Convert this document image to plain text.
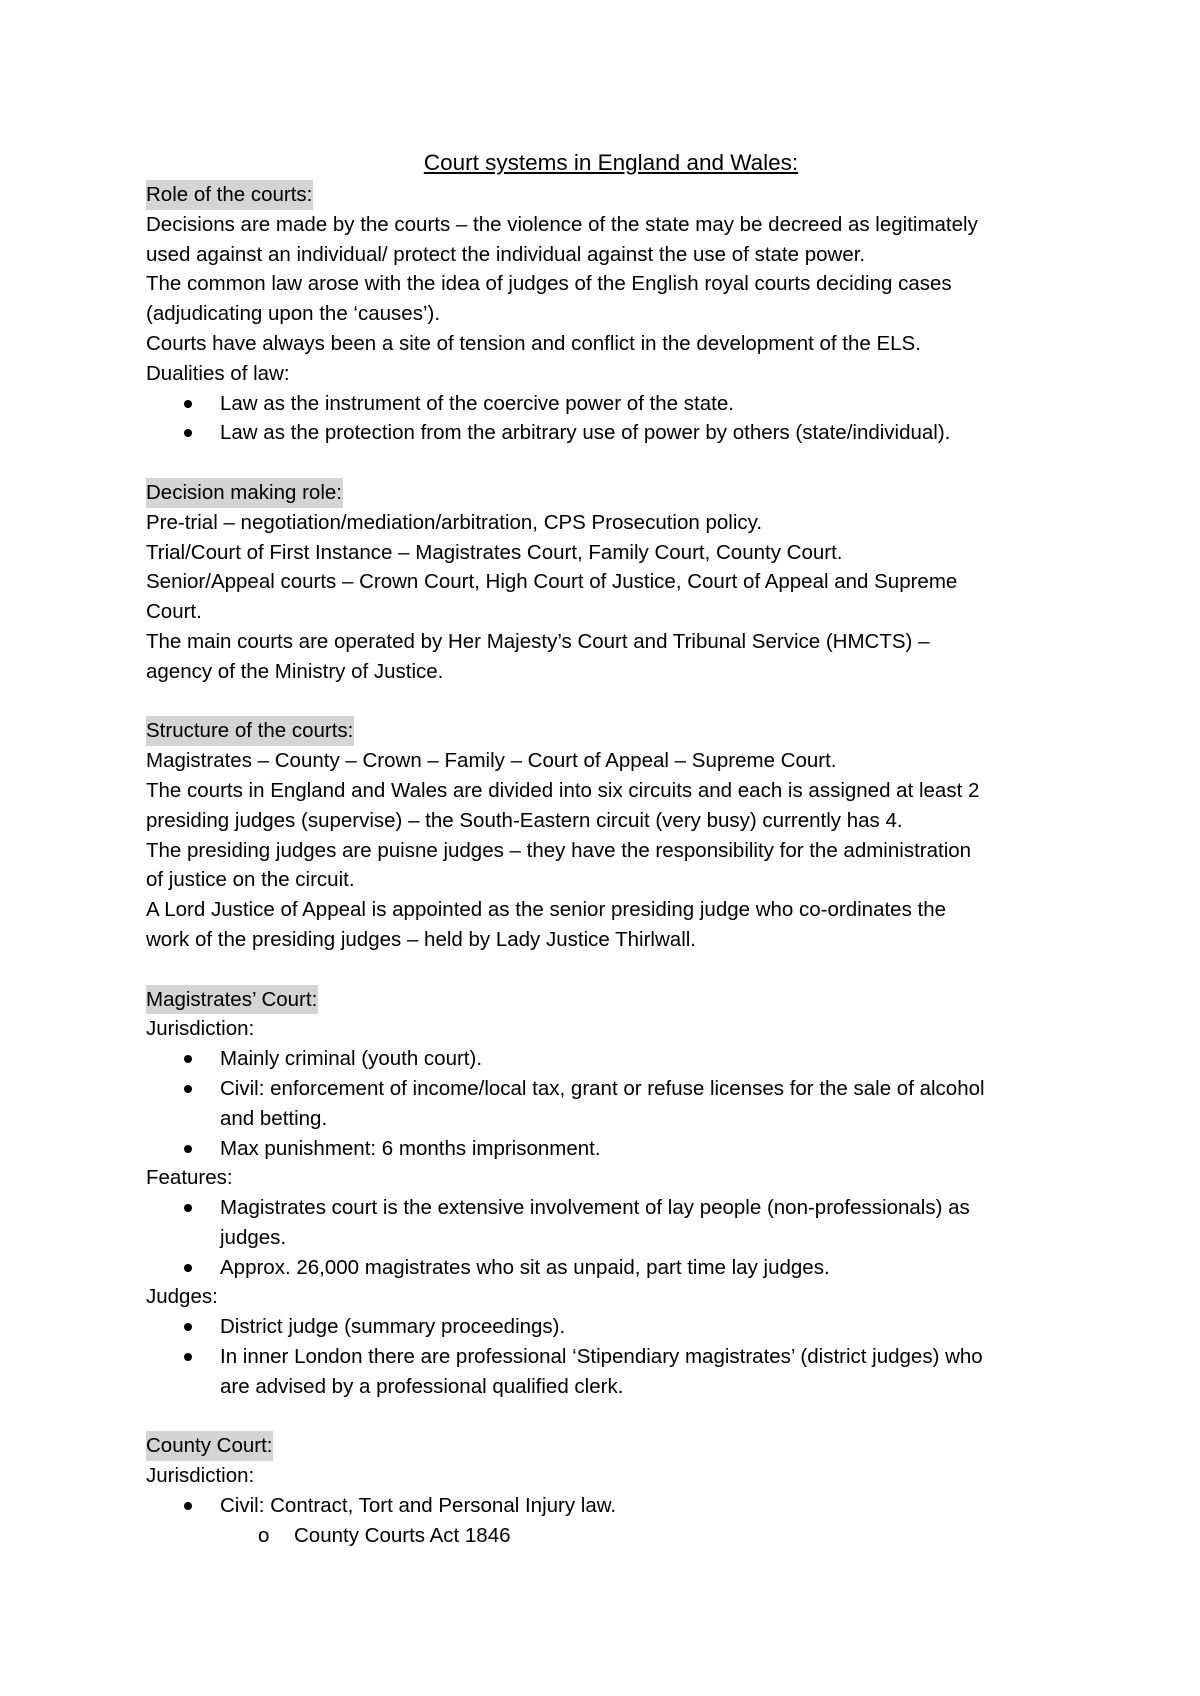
Court systems in England and Wales:
Role of the courts:
Decisions are made by the courts – the violence of the state may be decreed as legitimately
used against an individual/ protect the individual against the use of state power.
The common law arose with the idea of judges of the English royal courts deciding cases
(adjudicating upon the ‘causes’).
Courts have always been a site of tension and conflict in the development of the ELS.
Dualities of law:
Law as the instrument of the coercive power of the state.
Law as the protection from the arbitrary use of power by others (state/individual).
Decision making role:
Pre-trial – negotiation/mediation/arbitration, CPS Prosecution policy.
Trial/Court of First Instance – Magistrates Court, Family Court, County Court.
Senior/Appeal courts – Crown Court, High Court of Justice, Court of Appeal and Supreme
Court.
The main courts are operated by Her Majesty’s Court and Tribunal Service (HMCTS) –
agency of the Ministry of Justice.
Structure of the courts:
Magistrates – County – Crown – Family – Court of Appeal – Supreme Court.
The courts in England and Wales are divided into six circuits and each is assigned at least 2
presiding judges (supervise) – the South-Eastern circuit (very busy) currently has 4.
The presiding judges are puisne judges – they have the responsibility for the administration
of justice on the circuit.
A Lord Justice of Appeal is appointed as the senior presiding judge who co-ordinates the
work of the presiding judges – held by Lady Justice Thirlwall.
Magistrates’ Court:
Jurisdiction:
Mainly criminal (youth court).
Civil: enforcement of income/local tax, grant or refuse licenses for the sale of alcohol
and betting.
Max punishment: 6 months imprisonment.
Features:
Magistrates court is the extensive involvement of lay people (non-professionals) as
judges.
Approx. 26,000 magistrates who sit as unpaid, part time lay judges.
Judges:
District judge (summary proceedings).
In inner London there are professional ‘Stipendiary magistrates’ (district judges) who
are advised by a professional qualified clerk.
County Court:
Jurisdiction:
Civil: Contract, Tort and Personal Injury law.
o County Courts Act 1846
